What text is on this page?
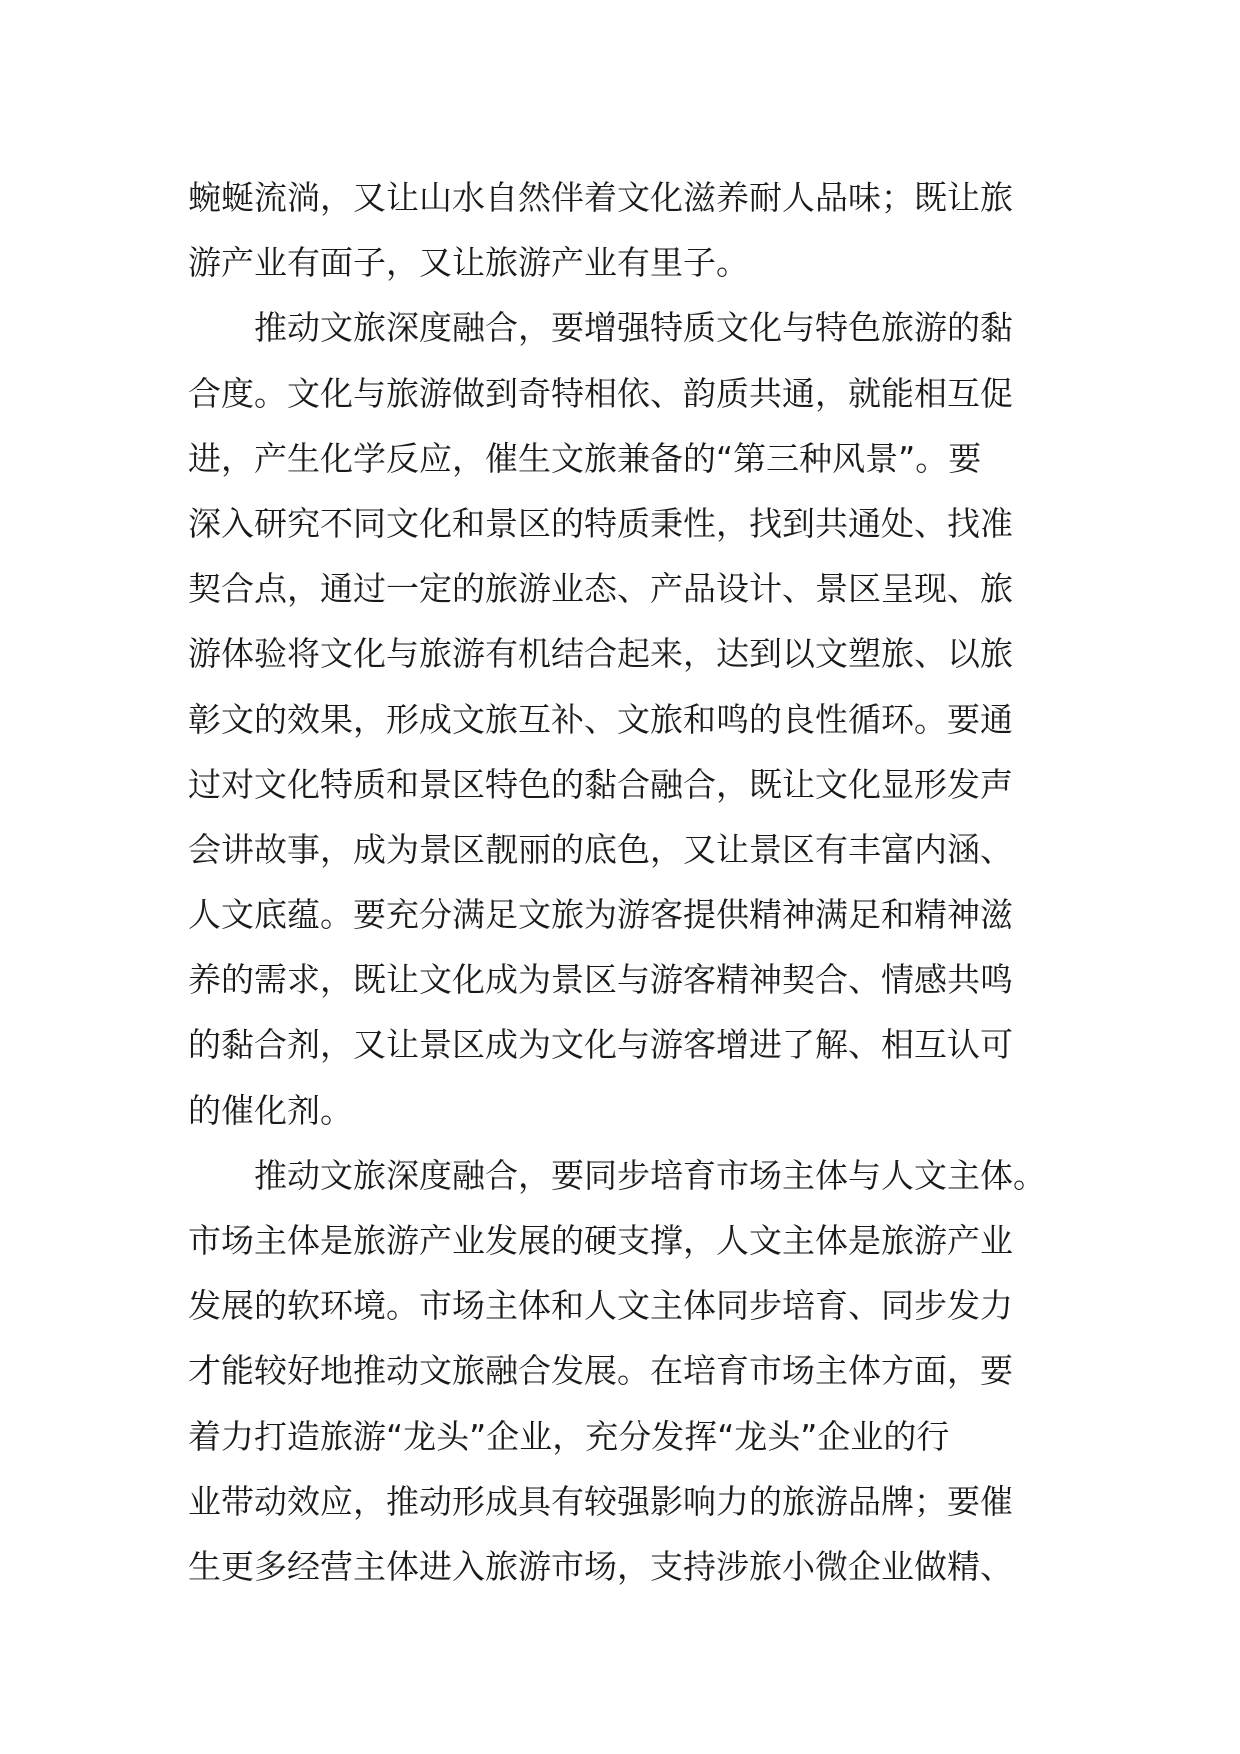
蜿蜒流淌，又让山水自然伴着文化滋养耐人品味；既让旅
游产业有面子，又让旅游产业有里子。
推动文旅深度融合，要增强特质文化与特色旅游的黏
合度。文化与旅游做到奇特相依、韵质共通，就能相互促
进，产生化学反应，催生文旅兼备的“第三种风景”。要
深入研究不同文化和景区的特质秉性，找到共通处、找准
契合点，通过一定的旅游业态、产品设计、景区呈现、旅
游体验将文化与旅游有机结合起来，达到以文塑旅、以旅
彰文的效果，形成文旅互补、文旅和鸣的良性循环。要通
过对文化特质和景区特色的黏合融合，既让文化显形发声
会讲故事，成为景区靓丽的底色，又让景区有丰富内涵、
人文底蕴。要充分满足文旅为游客提供精神满足和精神滋
养的需求，既让文化成为景区与游客精神契合、情感共鸣
的黏合剂，又让景区成为文化与游客增进了解、相互认可
的催化剂。
推动文旅深度融合，要同步培育市场主体与人文主体。
市场主体是旅游产业发展的硬支撑，人文主体是旅游产业
发展的软环境。市场主体和人文主体同步培育、同步发力
才能较好地推动文旅融合发展。在培育市场主体方面，要
着力打造旅游“龙头”企业，充分发挥“龙头”企业的行
业带动效应，推动形成具有较强影响力的旅游品牌；要催
生更多经营主体进入旅游市场，支持涉旅小微企业做精、
